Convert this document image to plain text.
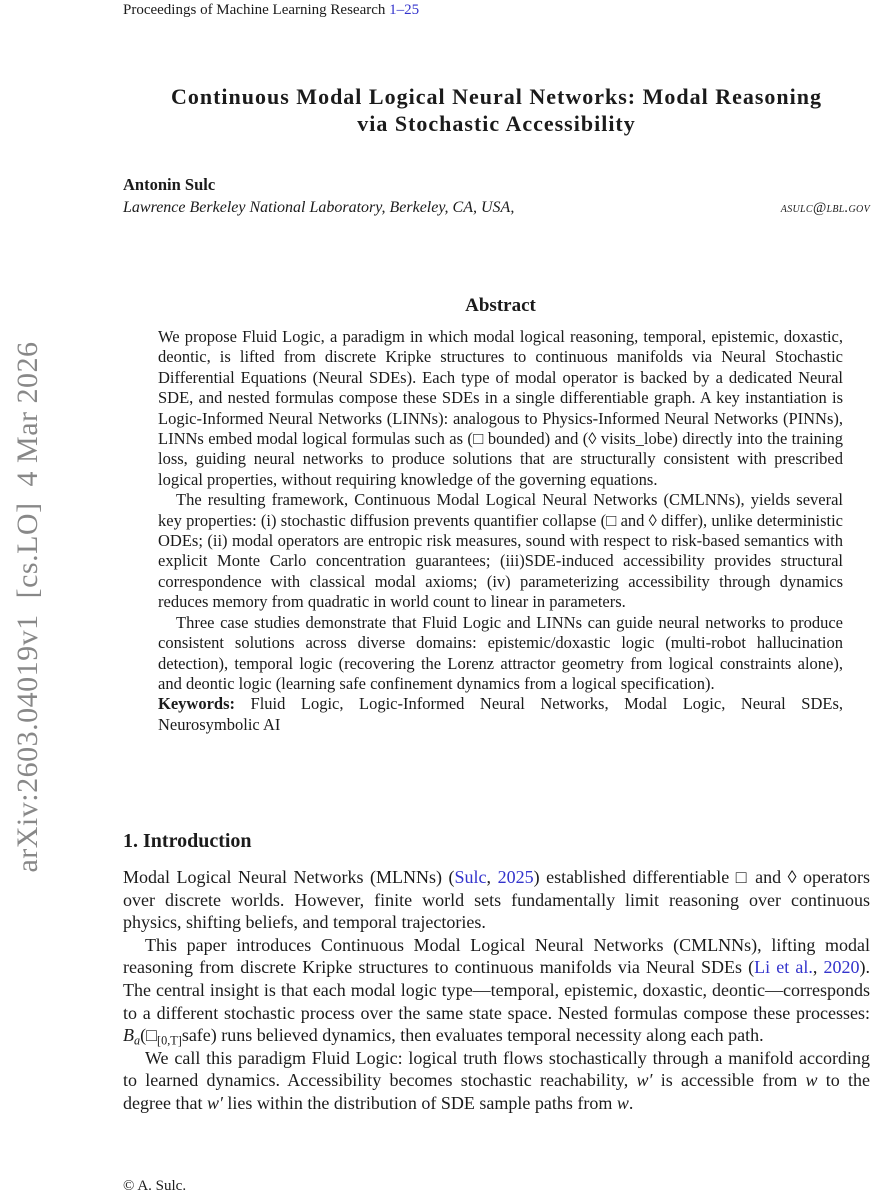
arXiv:2603.04019v1  [cs.LO]  4 Mar 2026
Proceedings of Machine Learning Research 1–25
Continuous Modal Logical Neural Networks: Modal Reasoning
via Stochastic Accessibility
Antonin Sulc
Lawrence Berkeley National Laboratory, Berkeley, CA, USA,	asulc@lbl.gov
Abstract

We propose Fluid Logic, a paradigm in which modal logical reasoning, temporal, epistemic, doxastic, deontic, is lifted from discrete Kripke structures to continuous manifolds via Neural Stochastic Differential Equations (Neural SDEs). Each type of modal operator is backed by a dedicated Neural SDE, and nested formulas compose these SDEs in a single differentiable graph. A key instantiation is Logic-Informed Neural Networks (LINNs): analogous to Physics-Informed Neural Networks (PINNs), LINNs embed modal logical formulas such as (□ bounded) and (◊ visits_lobe) directly into the training loss, guiding neural networks to produce solutions that are structurally consistent with prescribed logical properties, without requiring knowledge of the governing equations.

The resulting framework, Continuous Modal Logical Neural Networks (CMLNNs), yields several key properties: (i) stochastic diffusion prevents quantifier collapse (□ and ◊ differ), unlike deterministic ODEs; (ii) modal operators are entropic risk measures, sound with respect to risk-based semantics with explicit Monte Carlo concentration guarantees; (iii)SDE-induced accessibility provides structural correspondence with classical modal axioms; (iv) parameterizing accessibility through dynamics reduces memory from quadratic in world count to linear in parameters.

Three case studies demonstrate that Fluid Logic and LINNs can guide neural networks to produce consistent solutions across diverse domains: epistemic/doxastic logic (multi-robot hallucination detection), temporal logic (recovering the Lorenz attractor geometry from logical constraints alone), and deontic logic (learning safe confinement dynamics from a logical specification).

Keywords: Fluid Logic, Logic-Informed Neural Networks, Modal Logic, Neural SDEs, Neurosymbolic AI

1. Introduction

Modal Logical Neural Networks (MLNNs) (Sulc, 2025) established differentiable □ and ◊ operators over discrete worlds. However, finite world sets fundamentally limit reasoning over continuous physics, shifting beliefs, and temporal trajectories.

This paper introduces Continuous Modal Logical Neural Networks (CMLNNs), lifting modal reasoning from discrete Kripke structures to continuous manifolds via Neural SDEs (Li et al., 2020). The central insight is that each modal logic type—temporal, epistemic, doxastic, deontic—corresponds to a different stochastic process over the same state space. Nested formulas compose these processes: $B_a(□_{[0,T]}safe)$ runs believed dynamics, then evaluates temporal necessity along each path.

We call this paradigm Fluid Logic: logical truth flows stochastically through a manifold according to learned dynamics. Accessibility becomes stochastic reachability, w′ is accessible from w to the degree that w′ lies within the distribution of SDE sample paths from w.

© A. Sulc.
